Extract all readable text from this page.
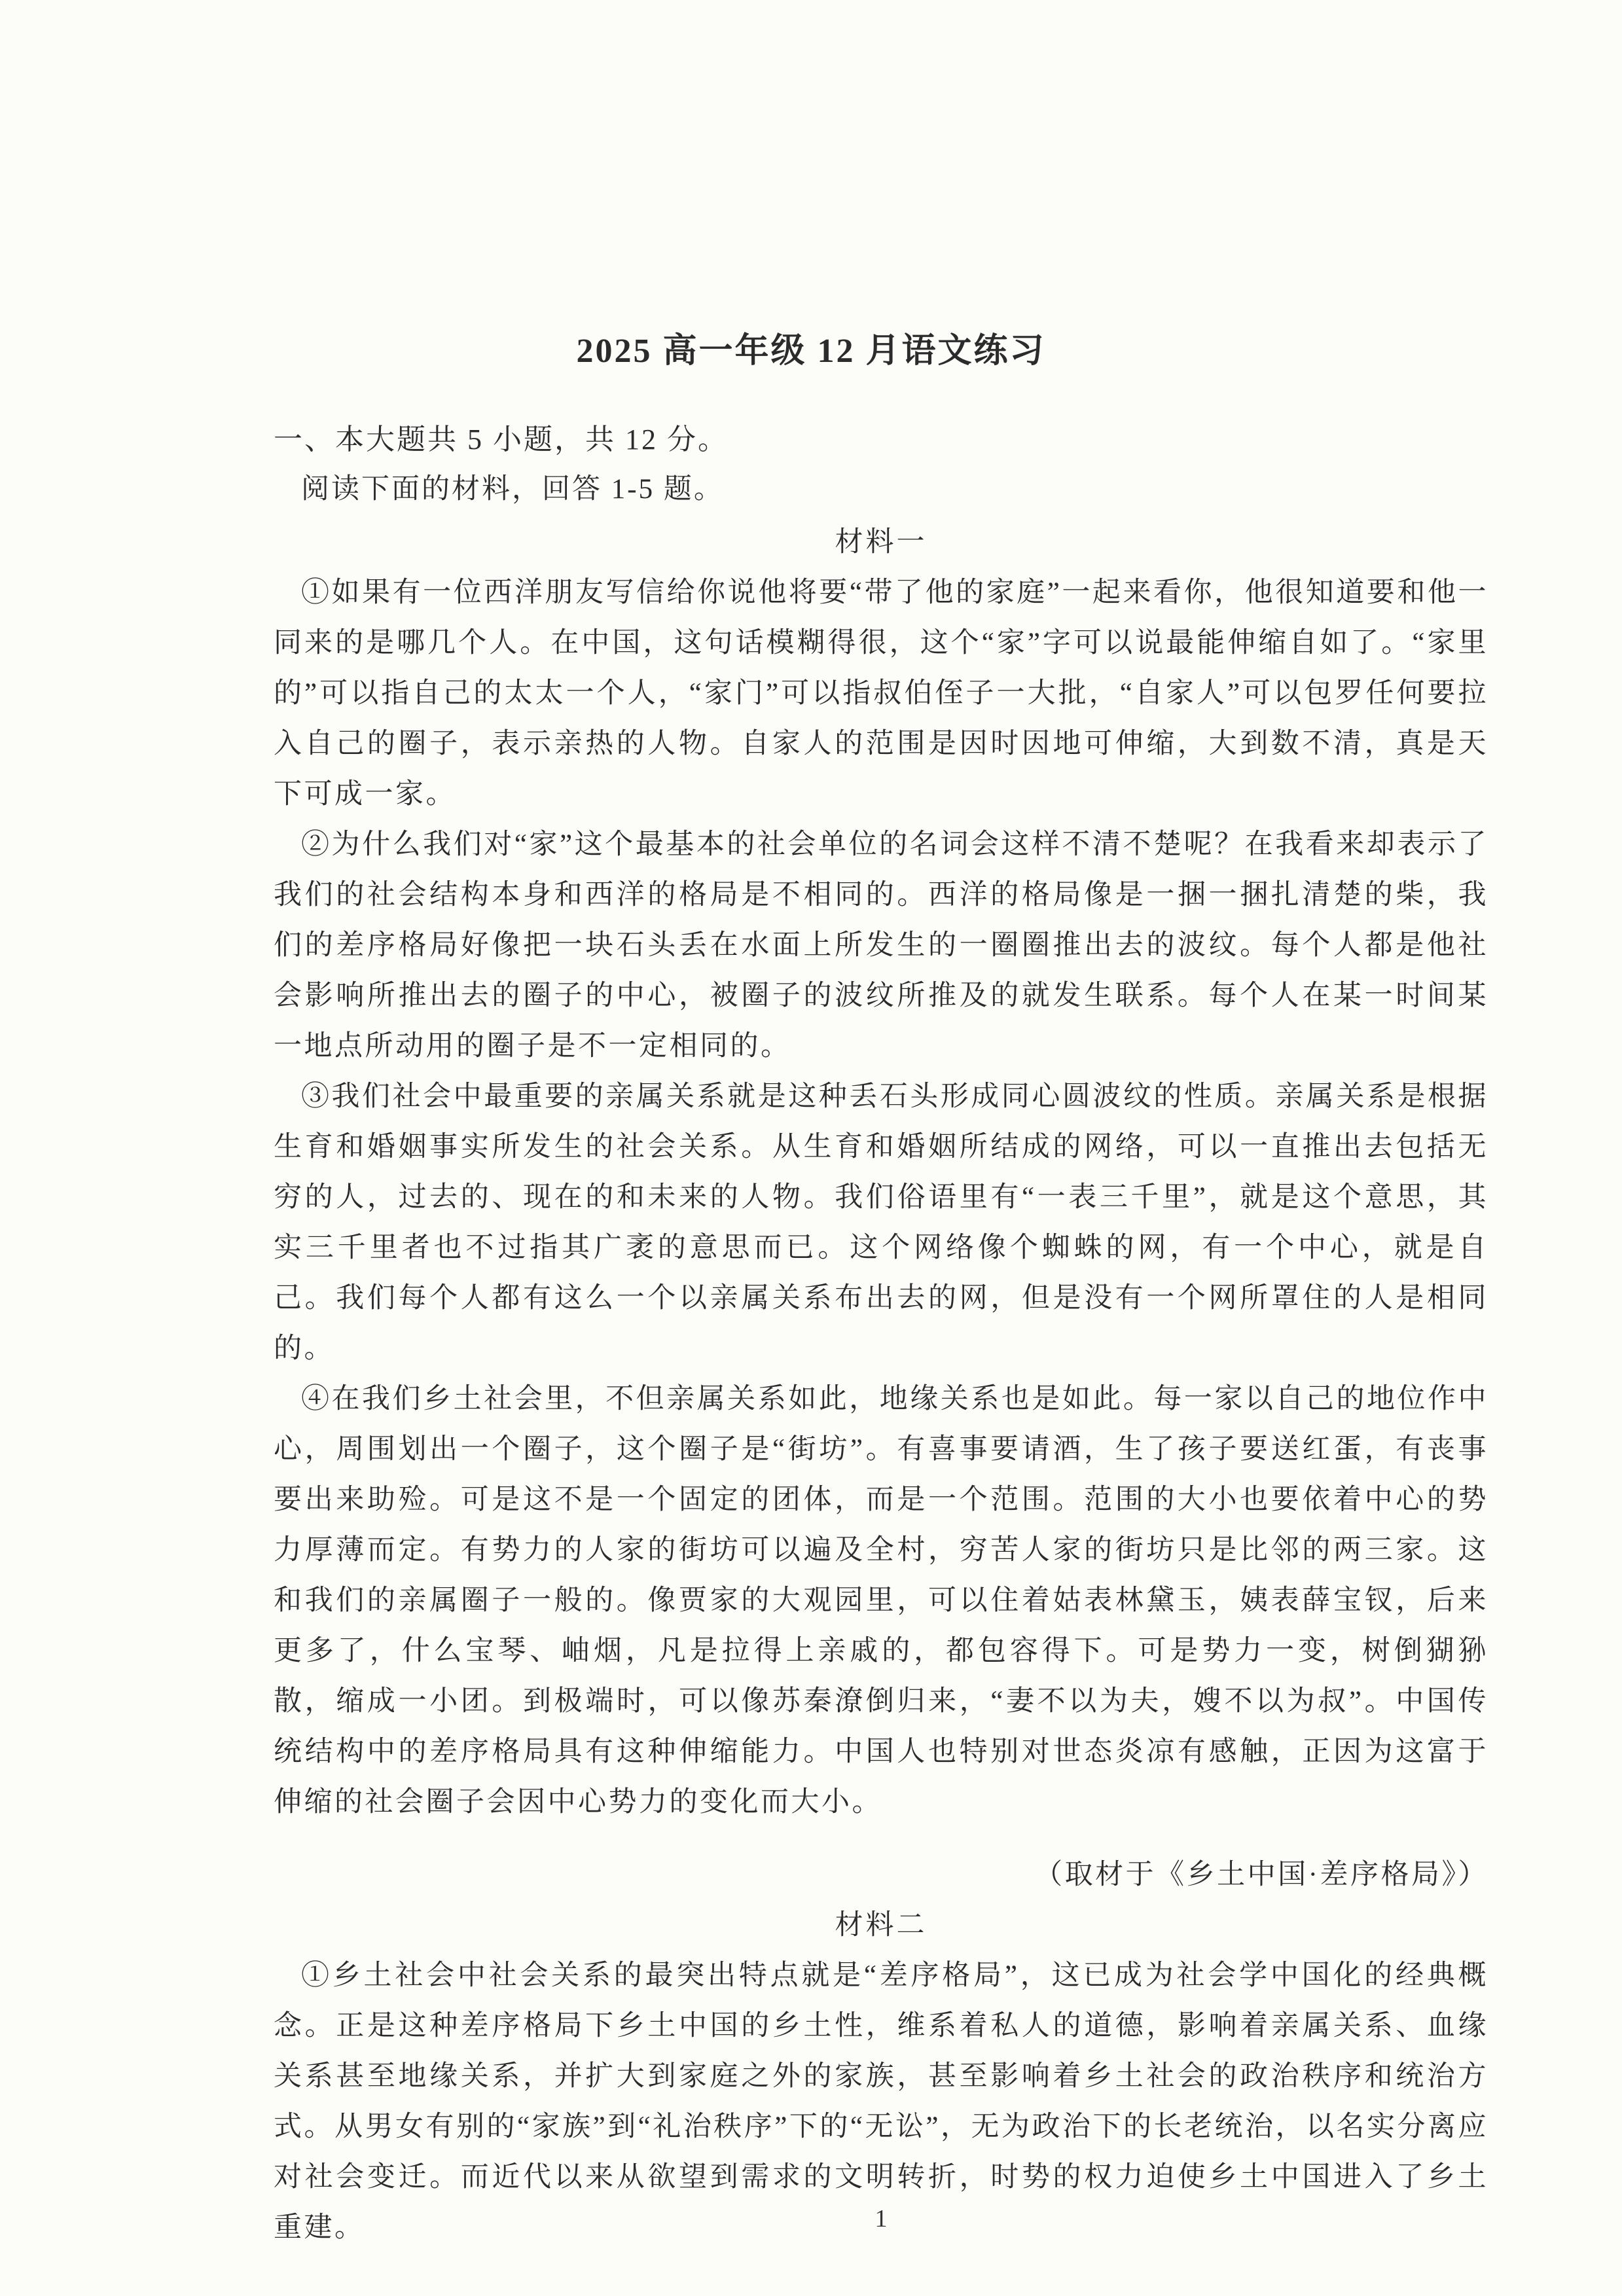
2025 高一年级 12 月语文练习
一、本大题共 5 小题，共 12 分。
阅读下面的材料，回答 1-5 题。
材料一

①如果有一位西洋朋友写信给你说他将要“带了他的家庭”一起来看你，他很知道要和他一同来的是哪几个人。在中国，这句话模糊得很，这个“家”字可以说最能伸缩自如了。“家里的”可以指自己的太太一个人，“家门”可以指叔伯侄子一大批，“自家人”可以包罗任何要拉入自己的圈子，表示亲热的人物。自家人的范围是因时因地可伸缩，大到数不清，真是天下可成一家。

②为什么我们对“家”这个最基本的社会单位的名词会这样不清不楚呢？在我看来却表示了我们的社会结构本身和西洋的格局是不相同的。西洋的格局像是一捆一捆扎清楚的柴，我们的差序格局好像把一块石头丢在水面上所发生的一圈圈推出去的波纹。每个人都是他社会影响所推出去的圈子的中心，被圈子的波纹所推及的就发生联系。每个人在某一时间某一地点所动用的圈子是不一定相同的。

③我们社会中最重要的亲属关系就是这种丢石头形成同心圆波纹的性质。亲属关系是根据生育和婚姻事实所发生的社会关系。从生育和婚姻所结成的网络，可以一直推出去包括无穷的人，过去的、现在的和未来的人物。我们俗语里有“一表三千里”，就是这个意思，其实三千里者也不过指其广袤的意思而已。这个网络像个蜘蛛的网，有一个中心，就是自己。我们每个人都有这么一个以亲属关系布出去的网，但是没有一个网所罩住的人是相同的。

④在我们乡土社会里，不但亲属关系如此，地缘关系也是如此。每一家以自己的地位作中心，周围划出一个圈子，这个圈子是“街坊”。有喜事要请酒，生了孩子要送红蛋，有丧事要出来助殓。可是这不是一个固定的团体，而是一个范围。范围的大小也要依着中心的势力厚薄而定。有势力的人家的街坊可以遍及全村，穷苦人家的街坊只是比邻的两三家。这和我们的亲属圈子一般的。像贾家的大观园里，可以住着姑表林黛玉，姨表薛宝钗，后来更多了，什么宝琴、岫烟，凡是拉得上亲戚的，都包容得下。可是势力一变，树倒猢狲散，缩成一小团。到极端时，可以像苏秦潦倒归来，“妻不以为夫，嫂不以为叔”。中国传统结构中的差序格局具有这种伸缩能力。中国人也特别对世态炎凉有感触，正因为这富于伸缩的社会圈子会因中心势力的变化而大小。

（取材于《乡土中国·差序格局》）
材料二

①乡土社会中社会关系的最突出特点就是“差序格局”，这已成为社会学中国化的经典概念。正是这种差序格局下乡土中国的乡土性，维系着私人的道德，影响着亲属关系、血缘关系甚至地缘关系，并扩大到家庭之外的家族，甚至影响着乡土社会的政治秩序和统治方式。从男女有别的“家族”到“礼治秩序”下的“无讼”，无为政治下的长老统治，以名实分离应对社会变迁。而近代以来从欲望到需求的文明转折，时势的权力迫使乡土中国进入了乡土重建。	1
